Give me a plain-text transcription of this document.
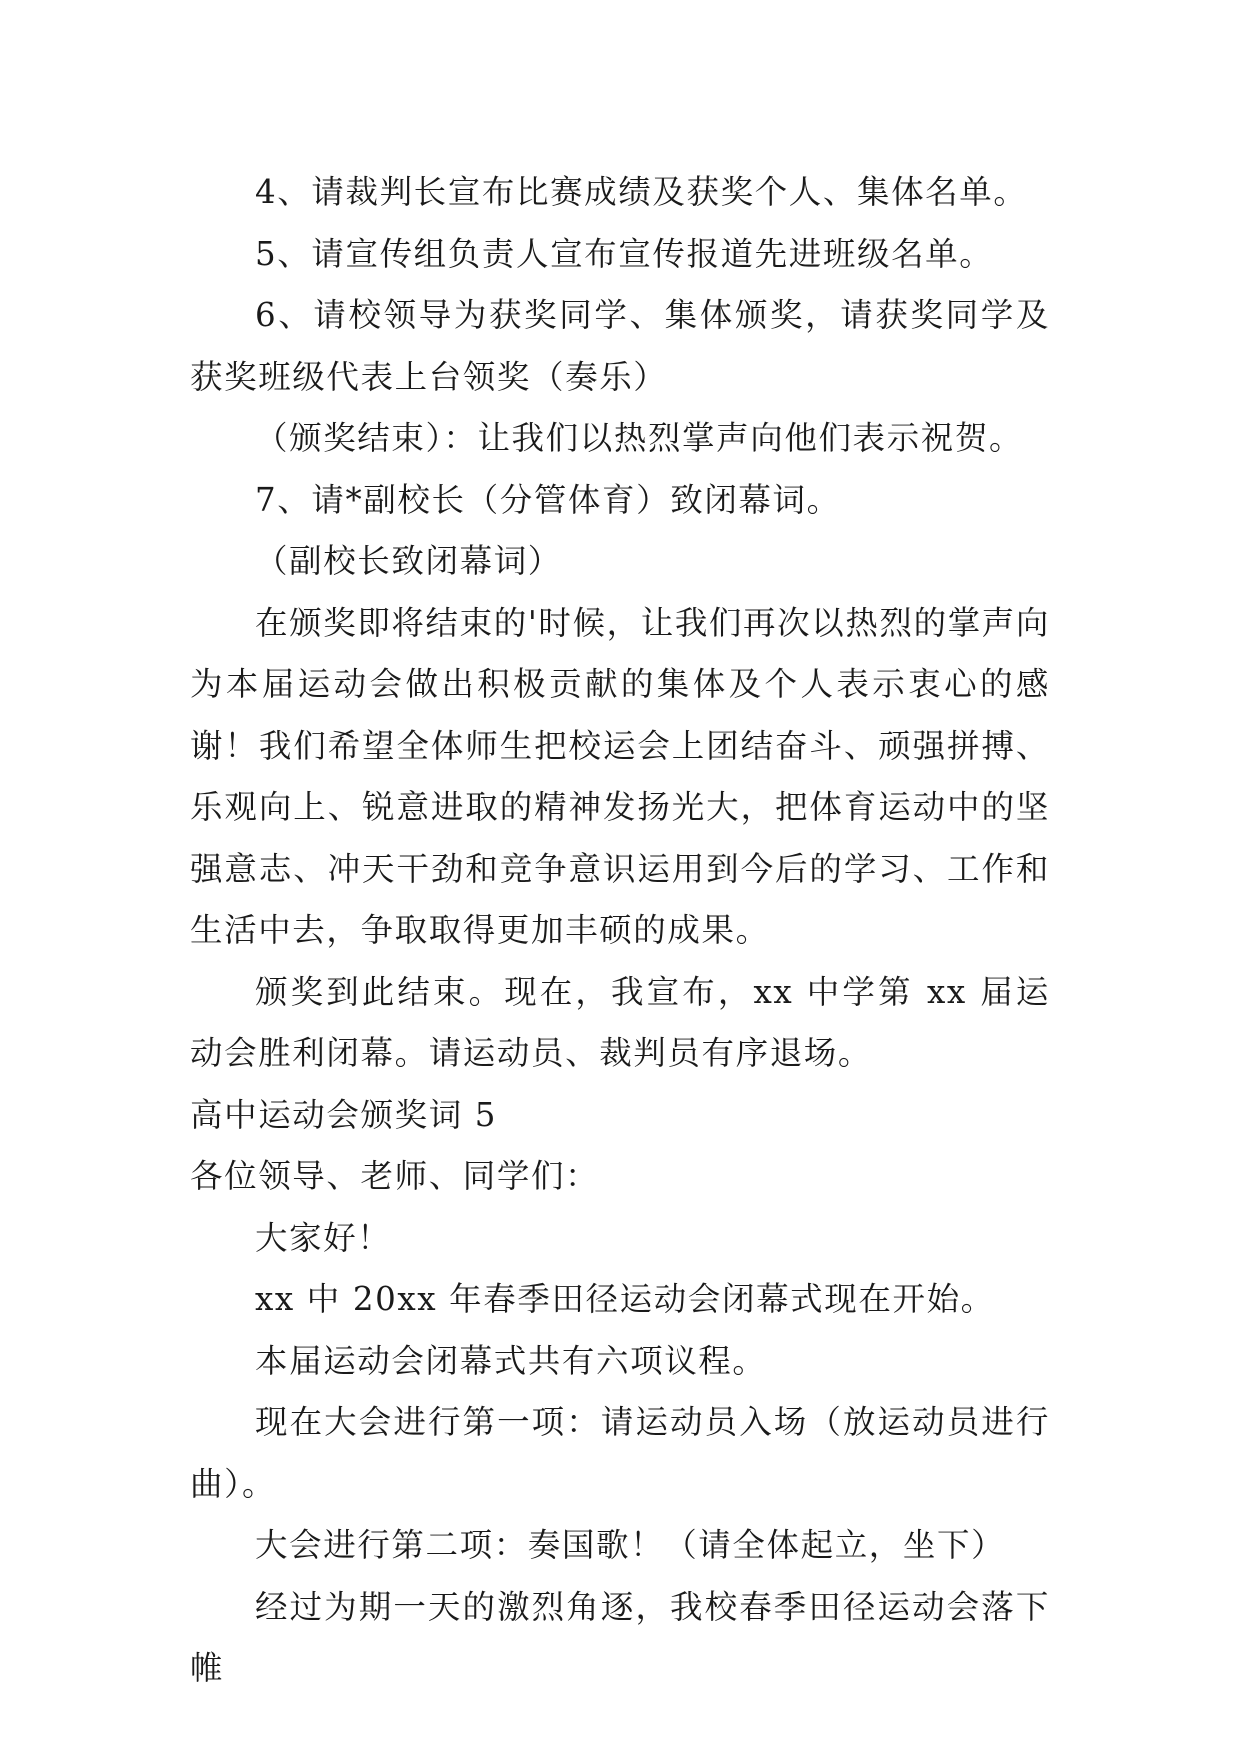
4、请裁判长宣布比赛成绩及获奖个人、集体名单。

5、请宣传组负责人宣布宣传报道先进班级名单。

6、请校领导为获奖同学、集体颁奖，请获奖同学及获奖班级代表上台领奖（奏乐）

（颁奖结束）：让我们以热烈掌声向他们表示祝贺。

7、请*副校长（分管体育）致闭幕词。

（副校长致闭幕词）

在颁奖即将结束的'时候，让我们再次以热烈的掌声向为本届运动会做出积极贡献的集体及个人表示衷心的感谢！我们希望全体师生把校运会上团结奋斗、顽强拼搏、乐观向上、锐意进取的精神发扬光大，把体育运动中的坚强意志、冲天干劲和竞争意识运用到今后的学习、工作和生活中去，争取取得更加丰硕的成果。

颁奖到此结束。现在，我宣布，xx 中学第 xx 届运动会胜利闭幕。请运动员、裁判员有序退场。

高中运动会颁奖词 5

各位领导、老师、同学们：

大家好！

xx 中 20xx 年春季田径运动会闭幕式现在开始。

本届运动会闭幕式共有六项议程。

现在大会进行第一项：请运动员入场（放运动员进行曲）。

大会进行第二项：奏国歌！（请全体起立，坐下）

经过为期一天的激烈角逐，我校春季田径运动会落下帷
